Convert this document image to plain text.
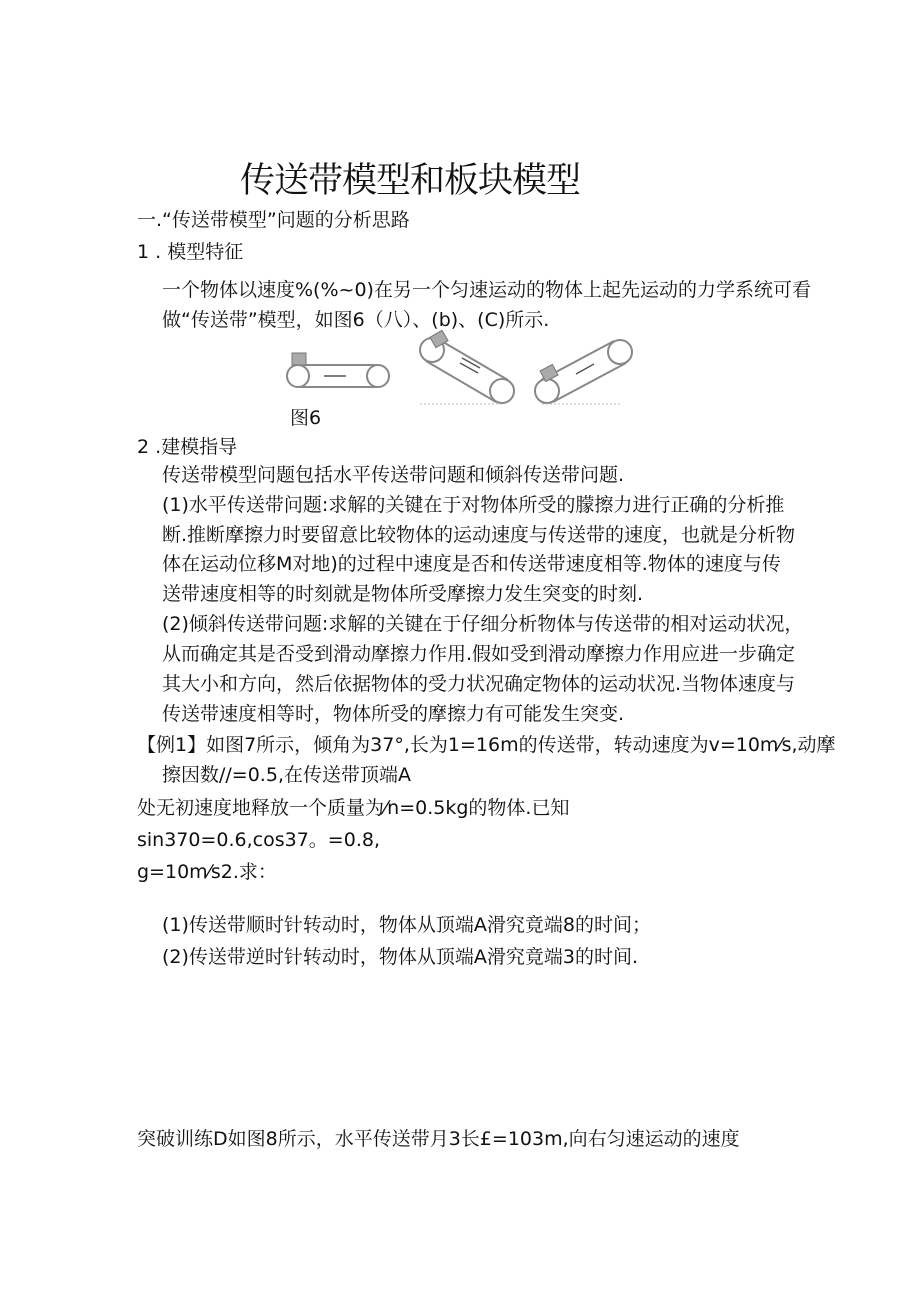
传送带模型和板块模型
一.“传送带模型”问题的分析思路
1 . 模型特征
一个物体以速度%(%~0)在另一个匀速运动的物体上起先运动的力学系统可看
做“传送带”模型，如图6（八）、(b)、(C)所示.
图6
2 .建模指导
传送带模型问题包括水平传送带问题和倾斜传送带问题.
(1)水平传送带问题:求解的关键在于对物体所受的朦擦力进行正确的分析推
断.推断摩擦力时要留意比较物体的运动速度与传送带的速度，也就是分析物
体在运动位移M对地)的过程中速度是否和传送带速度相等.物体的速度与传
送带速度相等的时刻就是物体所受摩擦力发生突变的时刻.
(2)倾斜传送带问题:求解的关键在于仔细分析物体与传送带的相对运动状况，
从而确定其是否受到滑动摩擦力作用.假如受到滑动摩擦力作用应进一步确定
其大小和方向，然后依据物体的受力状况确定物体的运动状况.当物体速度与
传送带速度相等时，物体所受的摩擦力有可能发生突变.
【例1】如图7所示，倾角为37°,长为1=16m的传送带，转动速度为v=10m⁄s,动摩
擦因数//=0.5,在传送带顶端A
处无初速度地释放一个质量为⁄n=0.5kg的物体.已知
sin370=0.6,cos37。=0.8,
g=10m⁄s2.求：
(1)传送带顺时针转动时，物体从顶端A滑究竟端8的时间；
(2)传送带逆时针转动时，物体从顶端A滑究竟端3的时间.
突破训练D如图8所示，水平传送带月3长£=103m,向右匀速运动的速度
